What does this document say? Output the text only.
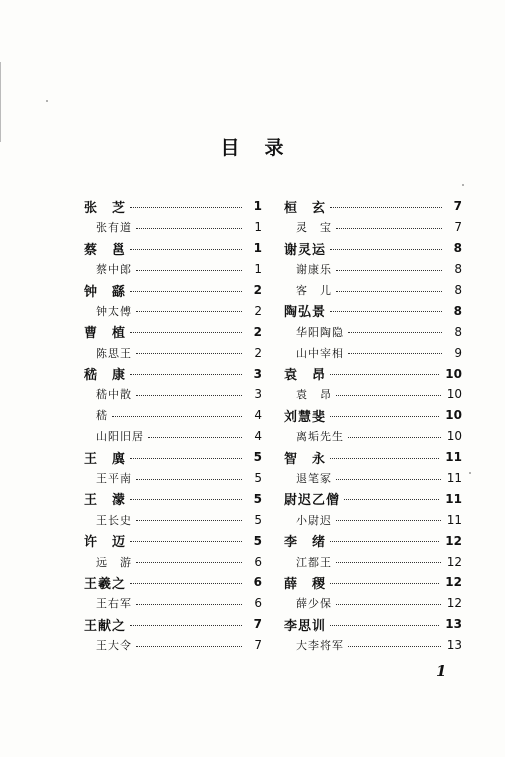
目 录
张　芝	1
张有道	1
蔡　邕	1
蔡中郎	1
钟　繇	2
钟太傅	2
曹　植	2
陈思王	2
嵇　康	3
嵇中散	3
嵇	4
山阳旧居	4
王　廙	5
王平南	5
王　濛	5
王长史	5
许　迈	5
远　游	6
王羲之	6
王右军	6
王献之	7
王大令	7
桓　玄	7
灵　宝	7
谢灵运	8
谢康乐	8
客　儿	8
陶弘景	8
华阳陶隐	8
山中宰相	9
袁　昂	10
袁　昂	10
刘慧斐	10
离垢先生	10
智　永	11
退笔冢	11
尉迟乙僧	11
小尉迟	11
李　绪	12
江都王	12
薛　稷	12
薛少保	12
李思训	13
大李将军	13
1
